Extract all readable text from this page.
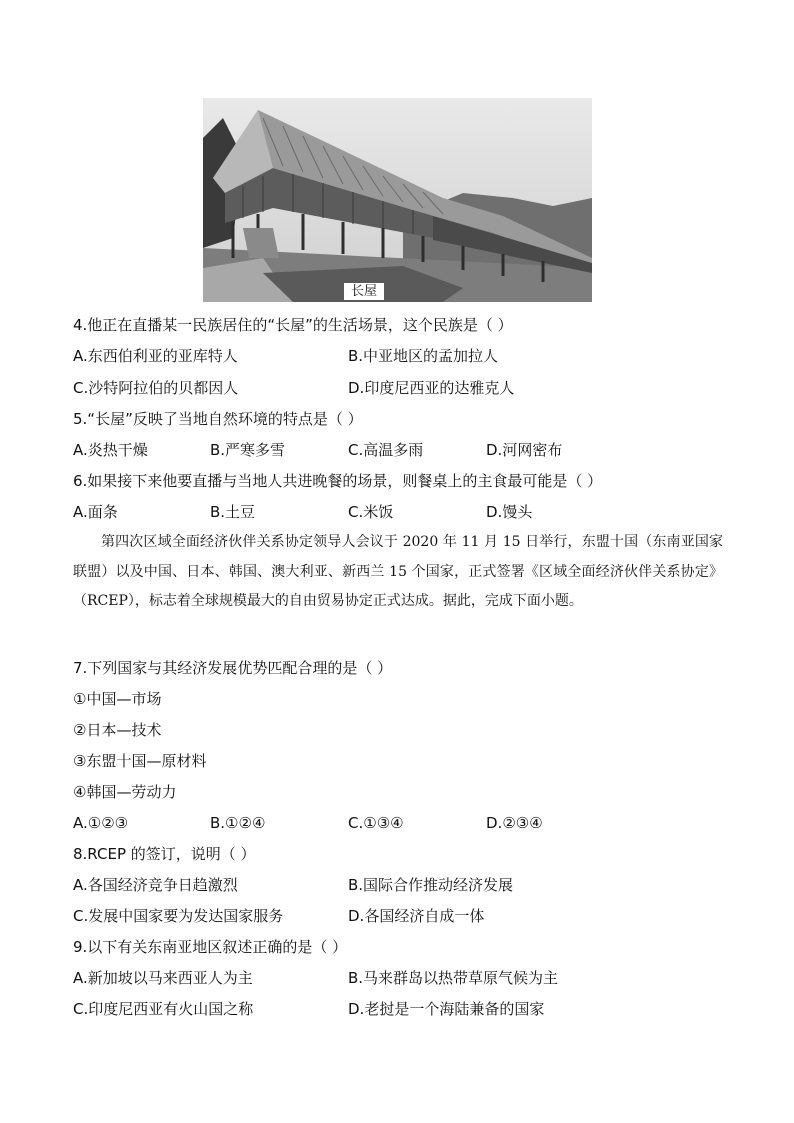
长屋
4.他正在直播某一民族居住的“长屋”的生活场景，这个民族是（ ）
A.东西伯利亚的亚库特人	B.中亚地区的孟加拉人
C.沙特阿拉伯的贝都因人	D.印度尼西亚的达雅克人
5.“长屋”反映了当地自然环境的特点是（ ）
A.炎热干燥	B.严寒多雪	C.高温多雨	D.河网密布
6.如果接下来他要直播与当地人共进晚餐的场景，则餐桌上的主食最可能是（ ）
A.面条	B.土豆	C.米饭	D.馒头
第四次区域全面经济伙伴关系协定领导人会议于 2020 年 11 月 15 日举行，东盟十国（东南亚国家联盟）以及中国、日本、韩国、澳大利亚、新西兰 15 个国家，正式签署《区域全面经济伙伴关系协定》（RCEP），标志着全球规模最大的自由贸易协定正式达成。据此，完成下面小题。
7.下列国家与其经济发展优势匹配合理的是（ ）
①中国—市场
②日本—技术
③东盟十国—原材料
④韩国—劳动力
A.①②③	B.①②④	C.①③④	D.②③④
8.RCEP 的签订，说明（ ）
A.各国经济竞争日趋激烈	B.国际合作推动经济发展
C.发展中国家要为发达国家服务	D.各国经济自成一体
9.以下有关东南亚地区叙述正确的是（ ）
A.新加坡以马来西亚人为主	B.马来群岛以热带草原气候为主
C.印度尼西亚有火山国之称	D.老挝是一个海陆兼备的国家
